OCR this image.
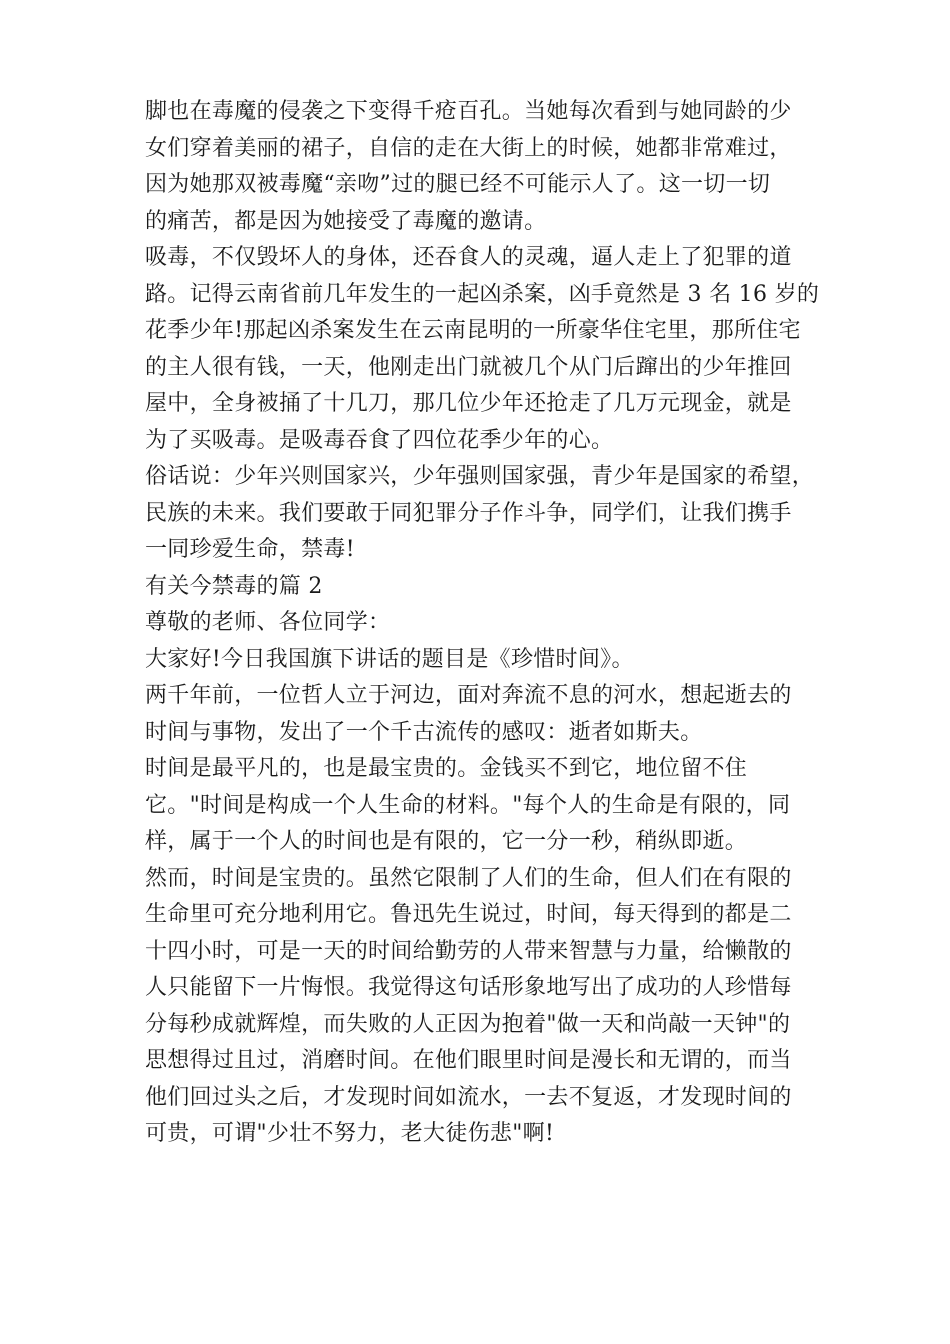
脚也在毒魔的侵袭之下变得千疮百孔。当她每次看到与她同龄的少
女们穿着美丽的裙子，自信的走在大街上的时候，她都非常难过，
因为她那双被毒魔“亲吻”过的腿已经不可能示人了。这一切一切
的痛苦，都是因为她接受了毒魔的邀请。
吸毒，不仅毁坏人的身体，还吞食人的灵魂，逼人走上了犯罪的道
路。记得云南省前几年发生的一起凶杀案，凶手竟然是 3 名 16 岁的
花季少年!那起凶杀案发生在云南昆明的一所豪华住宅里，那所住宅
的主人很有钱，一天，他刚走出门就被几个从门后蹿出的少年推回
屋中，全身被捅了十几刀，那几位少年还抢走了几万元现金，就是
为了买吸毒。是吸毒吞食了四位花季少年的心。
俗话说：少年兴则国家兴，少年强则国家强，青少年是国家的希望，
民族的未来。我们要敢于同犯罪分子作斗争，同学们，让我们携手
一同珍爱生命，禁毒!
有关今禁毒的篇 2
尊敬的老师、各位同学：
大家好!今日我国旗下讲话的题目是《珍惜时间》。
两千年前，一位哲人立于河边，面对奔流不息的河水，想起逝去的
时间与事物，发出了一个千古流传的感叹：逝者如斯夫。
时间是最平凡的，也是最宝贵的。金钱买不到它，地位留不住
它。"时间是构成一个人生命的材料。"每个人的生命是有限的，同
样，属于一个人的时间也是有限的，它一分一秒，稍纵即逝。
然而，时间是宝贵的。虽然它限制了人们的生命，但人们在有限的
生命里可充分地利用它。鲁迅先生说过，时间，每天得到的都是二
十四小时，可是一天的时间给勤劳的人带来智慧与力量，给懒散的
人只能留下一片悔恨。我觉得这句话形象地写出了成功的人珍惜每
分每秒成就辉煌，而失败的人正因为抱着"做一天和尚敲一天钟"的
思想得过且过，消磨时间。在他们眼里时间是漫长和无谓的，而当
他们回过头之后，才发现时间如流水，一去不复返，才发现时间的
可贵，可谓"少壮不努力，老大徒伤悲"啊!
